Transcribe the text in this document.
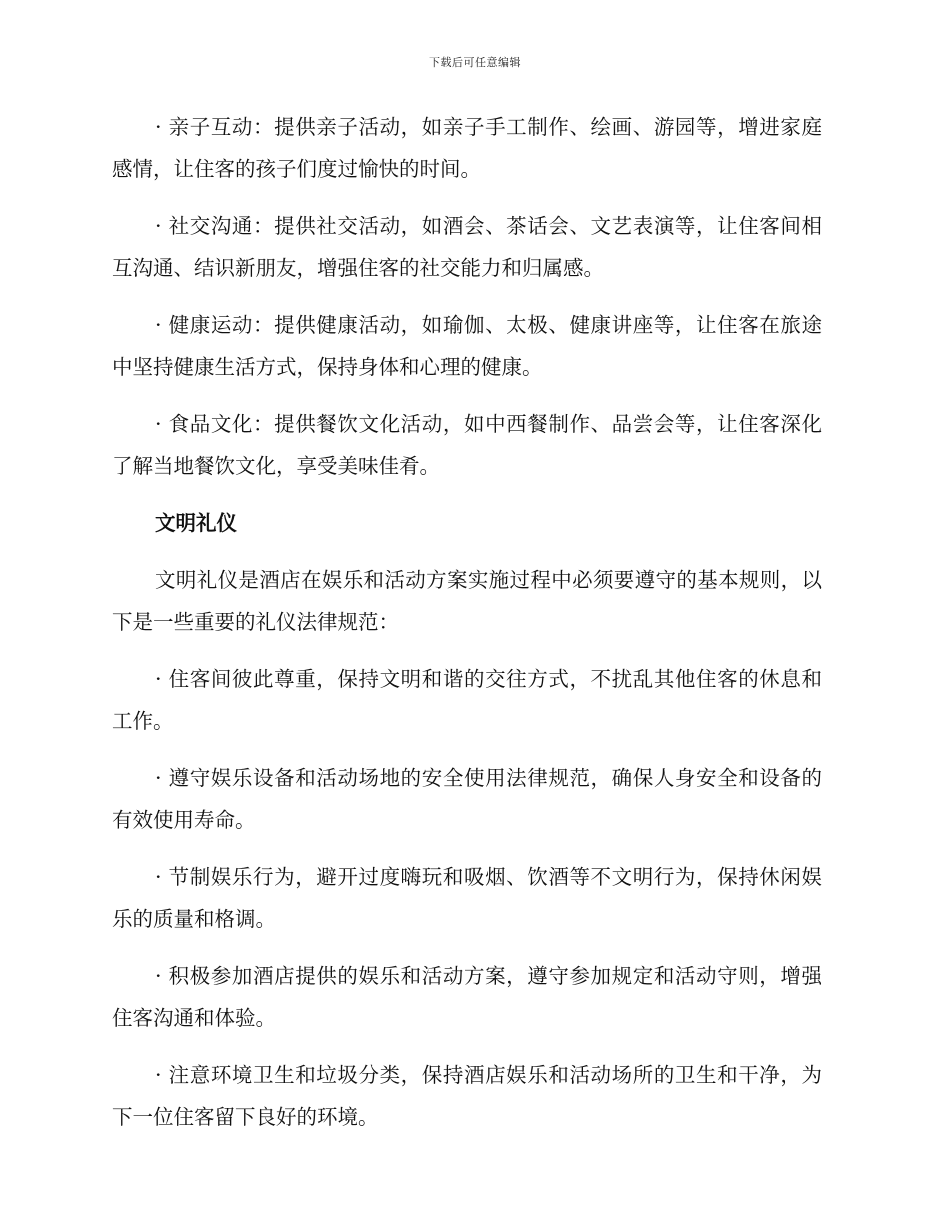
下载后可任意编辑

· 亲子互动：提供亲子活动，如亲子手工制作、绘画、游园等，增进家庭感情，让住客的孩子们度过愉快的时间。

· 社交沟通：提供社交活动，如酒会、茶话会、文艺表演等，让住客间相互沟通、结识新朋友，增强住客的社交能力和归属感。

· 健康运动：提供健康活动，如瑜伽、太极、健康讲座等，让住客在旅途中坚持健康生活方式，保持身体和心理的健康。

· 食品文化：提供餐饮文化活动，如中西餐制作、品尝会等，让住客深化了解当地餐饮文化，享受美味佳肴。

文明礼仪

文明礼仪是酒店在娱乐和活动方案实施过程中必须要遵守的基本规则，以下是一些重要的礼仪法律规范：

· 住客间彼此尊重，保持文明和谐的交往方式，不扰乱其他住客的休息和工作。

· 遵守娱乐设备和活动场地的安全使用法律规范，确保人身安全和设备的有效使用寿命。

· 节制娱乐行为，避开过度嗨玩和吸烟、饮酒等不文明行为，保持休闲娱乐的质量和格调。

· 积极参加酒店提供的娱乐和活动方案，遵守参加规定和活动守则，增强住客沟通和体验。

· 注意环境卫生和垃圾分类，保持酒店娱乐和活动场所的卫生和干净，为下一位住客留下良好的环境。
